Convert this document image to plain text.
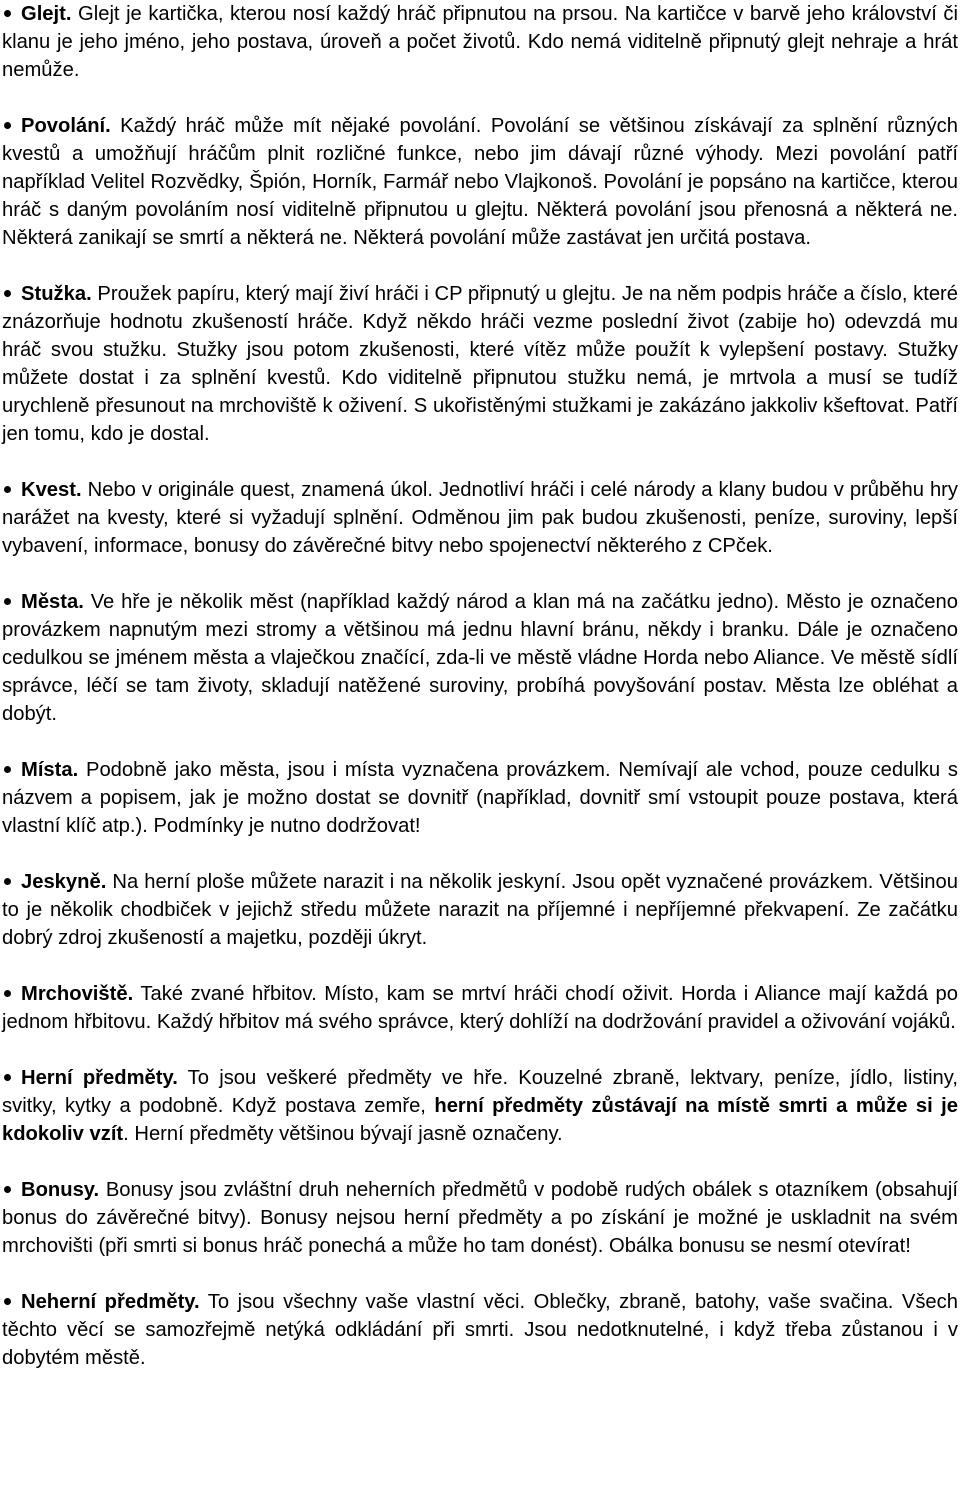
Glejt. Glejt je kartička, kterou nosí každý hráč připnutou na prsou. Na kartičce v barvě jeho království či klanu je jeho jméno, jeho postava, úroveň a počet životů. Kdo nemá viditelně připnutý glejt nehraje a hrát nemůže.
Povolání. Každý hráč může mít nějaké povolání. Povolání se většinou získávají za splnění různých kvestů a umožňují hráčům plnit rozličné funkce, nebo jim dávají různé výhody. Mezi povolání patří například Velitel Rozvědky, Špión, Horník, Farmář nebo Vlajkonoš. Povolání je popsáno na kartičce, kterou hráč s daným povoláním nosí viditelně připnutou u glejtu. Některá povolání jsou přenosná a některá ne. Některá zanikají se smrtí a některá ne. Některá povolání může zastávat jen určitá postava.
Stužka. Proužek papíru, který mají živí hráči i CP připnutý u glejtu. Je na něm podpis hráče a číslo, které znázorňuje hodnotu zkušeností hráče. Když někdo hráči vezme poslední život (zabije ho) odevzdá mu hráč svou stužku. Stužky jsou potom zkušenosti, které vítěz může použít k vylepšení postavy. Stužky můžete dostat i za splnění kvestů. Kdo viditelně připnutou stužku nemá, je mrtvola a musí se tudíž urychleně přesunout na mrchoviště k oživení. S ukořistěnými stužkami je zakázáno jakkoliv kšeftovat. Patří jen tomu, kdo je dostal.
Kvest. Nebo v originále quest, znamená úkol. Jednotliví hráči i celé národy a klany budou v průběhu hry narážet na kvesty, které si vyžadují splnění. Odměnou jim pak budou zkušenosti, peníze, suroviny, lepší vybavení, informace, bonusy do závěrečné bitvy nebo spojenectví některého z CPček.
Města. Ve hře je několik měst (například každý národ a klan má na začátku jedno). Město je označeno provázkem napnutým mezi stromy a většinou má jednu hlavní bránu, někdy i branku. Dále je označeno cedulkou se jménem města a vlaječkou značící, zda-li ve městě vládne Horda nebo Aliance. Ve městě sídlí správce, léčí se tam životy, skladují natěžené suroviny, probíhá povyšování postav. Města lze obléhat a dobýt.
Místa. Podobně jako města, jsou i místa vyznačena provázkem. Nemívají ale vchod, pouze cedulku s názvem a popisem, jak je možno dostat se dovnitř (například, dovnitř smí vstoupit pouze postava, která vlastní klíč atp.). Podmínky je nutno dodržovat!
Jeskyně. Na herní ploše můžete narazit i na několik jeskyní. Jsou opět vyznačené provázkem. Většinou to je několik chodbiček v jejichž středu můžete narazit na příjemné i nepříjemné překvapení. Ze začátku dobrý zdroj zkušeností a majetku, později úkryt.
Mrchoviště. Také zvané hřbitov. Místo, kam se mrtví hráči chodí oživit. Horda i Aliance mají každá po jednom hřbitovu. Každý hřbitov má svého správce, který dohlíží na dodržování pravidel a oživování vojáků.
Herní předměty. To jsou veškeré předměty ve hře. Kouzelné zbraně, lektvary, peníze, jídlo, listiny, svitky, kytky a podobně. Když postava zemře, herní předměty zůstávají na místě smrti a může si je kdokoliv vzít. Herní předměty většinou bývají jasně označeny.
Bonusy. Bonusy jsou zvláštní druh neherních předmětů v podobě rudých obálek s otazníkem (obsahují bonus do závěrečné bitvy). Bonusy nejsou herní předměty a po získání je možné je uskladnit na svém mrchovišti (při smrti si bonus hráč ponechá a může ho tam donést). Obálka bonusu se nesmí otevírat!
Neherní předměty. To jsou všechny vaše vlastní věci. Oblečky, zbraně, batohy, vaše svačina. Všech těchto věcí se samozřejmě netýká odkládání při smrti. Jsou nedotknutelné, i když třeba zůstanou i v dobytém městě.
